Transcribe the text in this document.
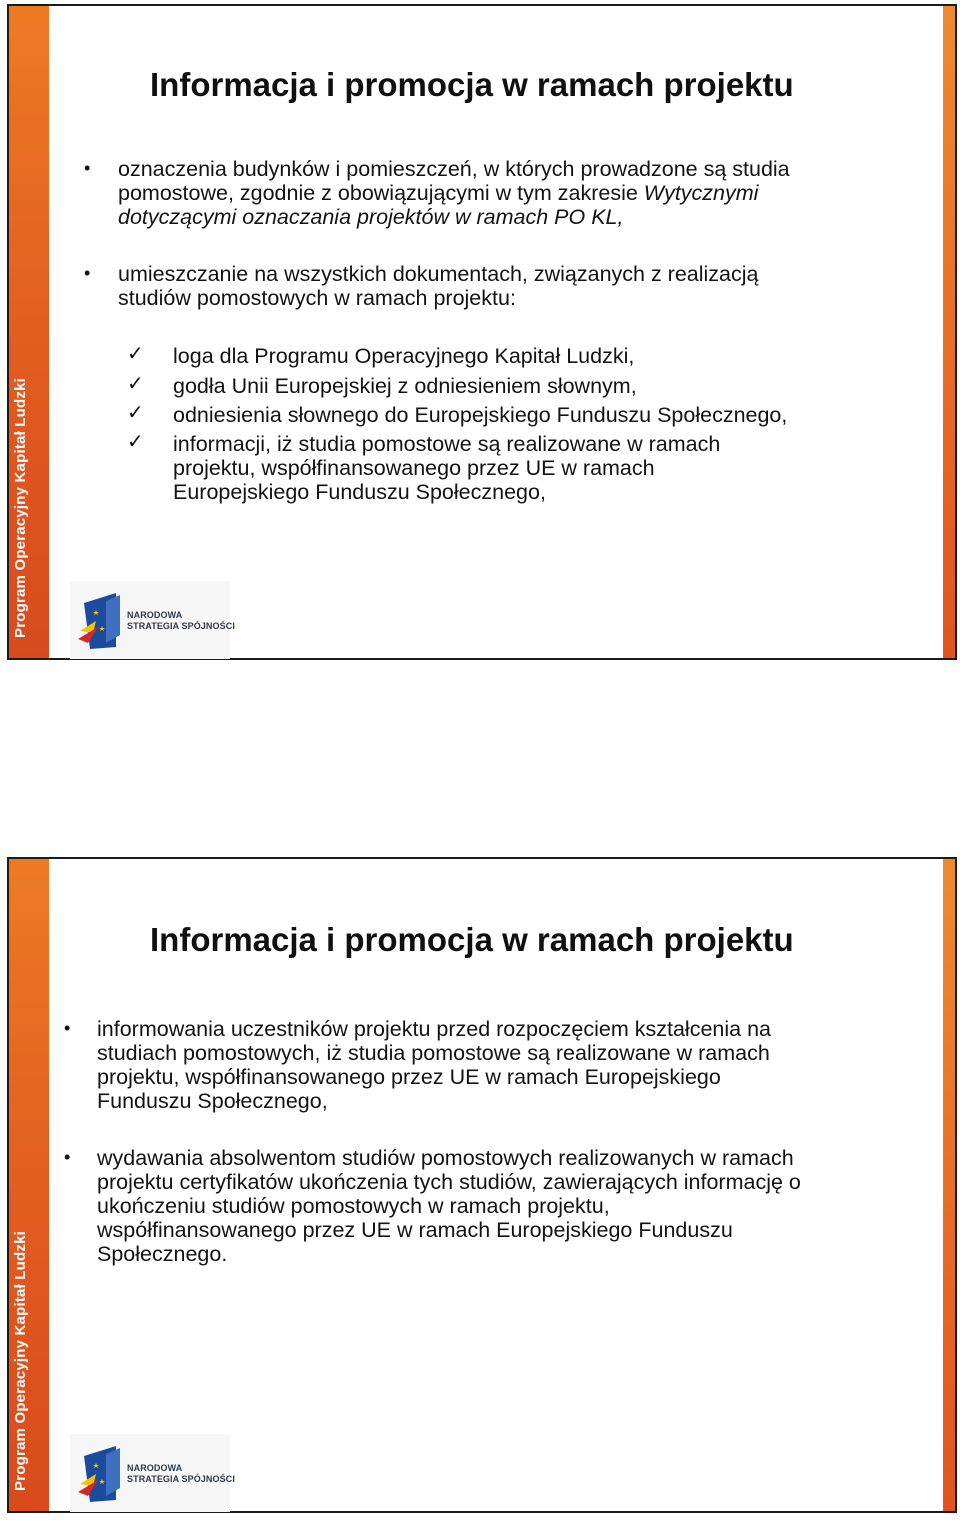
Program Operacyjny Kapitał Ludzki
Informacja i promocja w ramach projektu
• oznaczenia budynków i pomieszczeń, w których prowadzone są studia
pomostowe, zgodnie z obowiązującymi w tym zakresie Wytycznymi
dotyczącymi oznaczania projektów w ramach PO KL,
• umieszczanie na wszystkich dokumentach, związanych z realizacją
studiów pomostowych w ramach projektu:
✓ loga dla Programu Operacyjnego Kapitał Ludzki,
✓ godła Unii Europejskiej z odniesieniem słownym,
✓ odniesienia słownego do Europejskiego Funduszu Społecznego,
✓ informacji, iż studia pomostowe są realizowane w ramach
projektu, współfinansowanego przez UE w ramach
Europejskiego Funduszu Społecznego,
NARODOWA
STRATEGIA SPÓJNOŚCI
Program Operacyjny Kapitał Ludzki
Informacja i promocja w ramach projektu
• informowania uczestników projektu przed rozpoczęciem kształcenia na
studiach pomostowych, iż studia pomostowe są realizowane w ramach
projektu, współfinansowanego przez UE w ramach Europejskiego
Funduszu Społecznego,
• wydawania absolwentom studiów pomostowych realizowanych w ramach
projektu certyfikatów ukończenia tych studiów, zawierających informację o
ukończeniu studiów pomostowych w ramach projektu,
współfinansowanego przez UE w ramach Europejskiego Funduszu
Społecznego.
NARODOWA
STRATEGIA SPÓJNOŚCI
